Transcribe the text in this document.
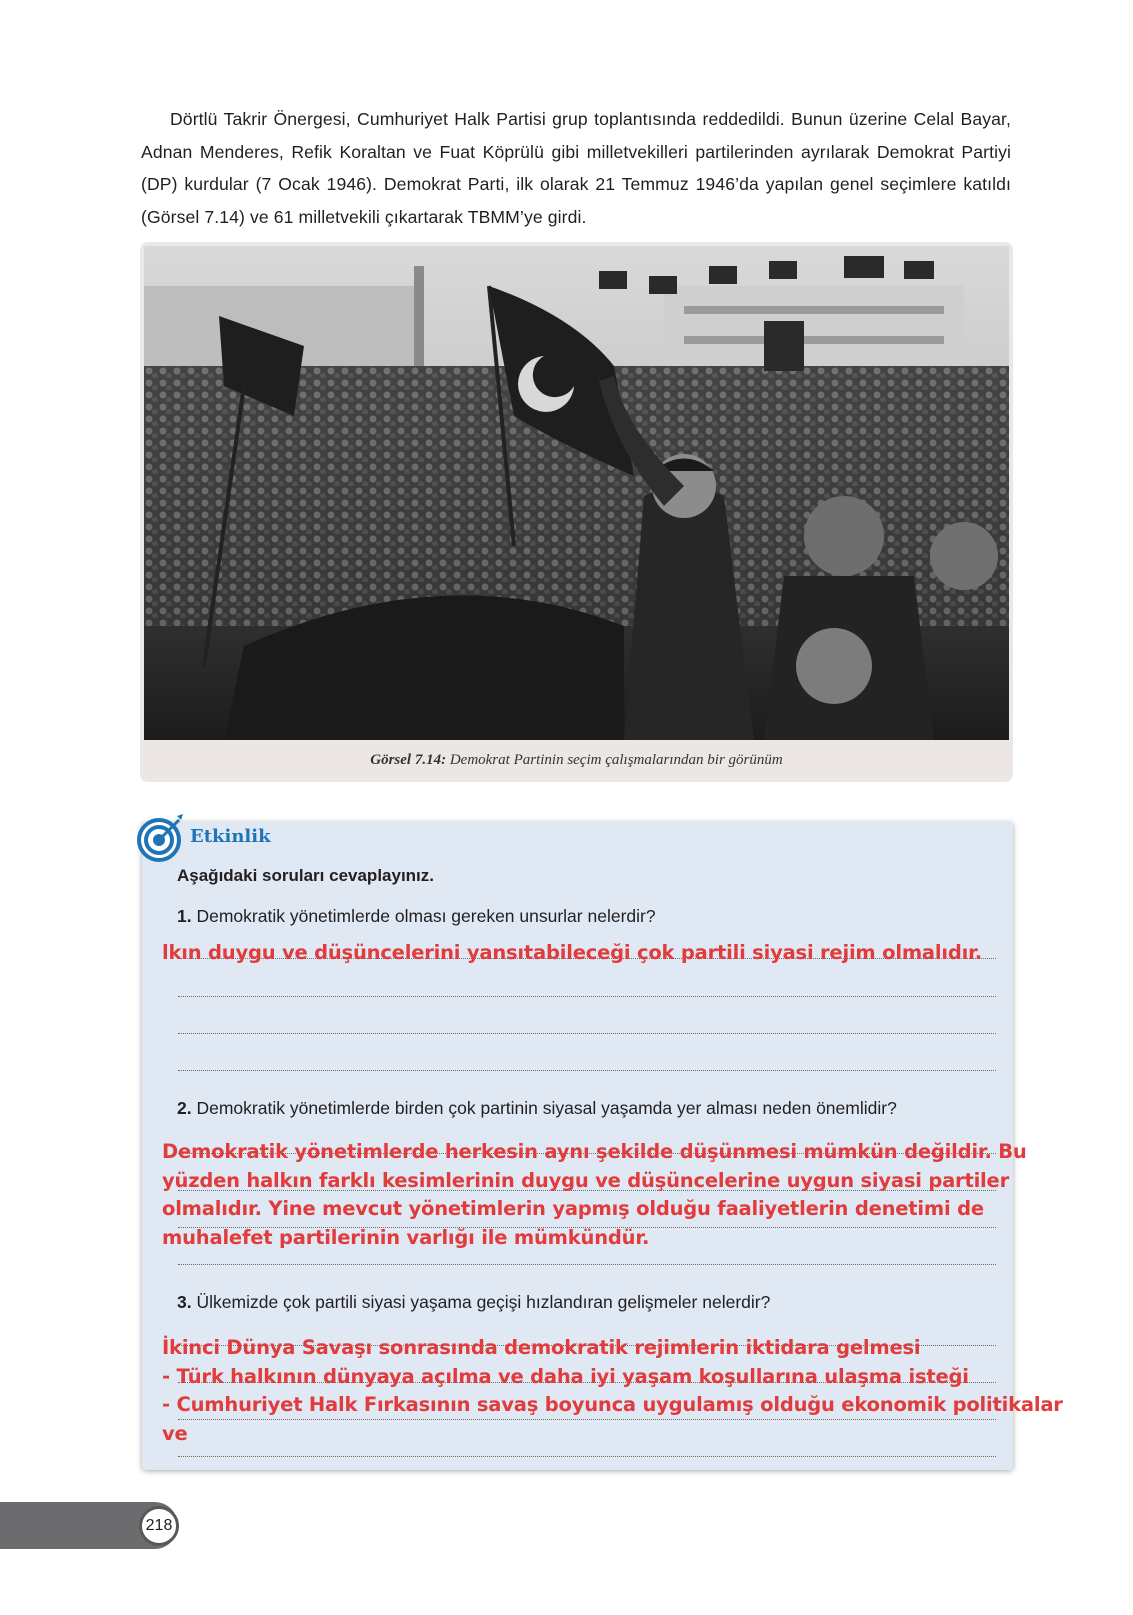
Dörtlü Takrir Önergesi, Cumhuriyet Halk Partisi grup toplantısında reddedildi. Bunun üzerine Celal Bayar, Adnan Menderes, Refik Koraltan ve Fuat Köprülü gibi milletvekilleri partilerinden ayrılarak Demokrat Partiyi (DP) kurdular (7 Ocak 1946). Demokrat Parti, ilk olarak 21 Temmuz 1946’da yapılan genel seçimlere katıldı (Görsel 7.14) ve 61 milletvekili çıkartarak TBMM’ye girdi.

Görsel 7.14: Demokrat Partinin seçim çalışmalarından bir görünüm
Etkinlik
Aşağıdaki soruları cevaplayınız.
1. Demokratik yönetimlerde olması gereken unsurlar nelerdir?
lkın duygu ve düşüncelerini yansıtabileceği çok partili siyasi rejim olmalıdır.
2. Demokratik yönetimlerde birden çok partinin siyasal yaşamda yer alması neden önemlidir?
Demokratik yönetimlerde herkesin aynı şekilde düşünmesi mümkün değildir. Bu
yüzden halkın farklı kesimlerinin duygu ve düşüncelerine uygun siyasi partiler
olmalıdır. Yine mevcut yönetimlerin yapmış olduğu faaliyetlerin denetimi de
muhalefet partilerinin varlığı ile mümkündür.
3. Ülkemizde çok partili siyasi yaşama geçişi hızlandıran gelişmeler nelerdir?
İkinci Dünya Savaşı sonrasında demokratik rejimlerin iktidara gelmesi
- Türk halkının dünyaya açılma ve daha iyi yaşam koşullarına ulaşma isteği
- Cumhuriyet Halk Fırkasının savaş boyunca uygulamış olduğu ekonomik politikalar
ve
218
